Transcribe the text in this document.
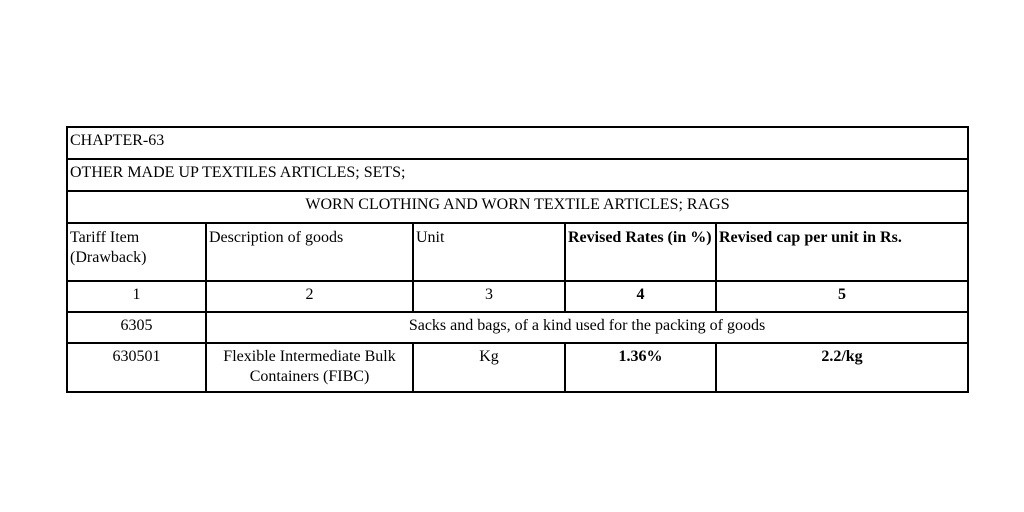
CHAPTER-63				
OTHER MADE UP TEXTILES ARTICLES; SETS;				
WORN CLOTHING AND WORN TEXTILE ARTICLES; RAGS				
Tariff Item (Drawback)	Description of goods	Unit	Revised Rates (in %)	Revised cap per unit in Rs.
1	2	3	4	5
6305	Sacks and bags, of a kind used for the packing of goods			
630501	Flexible Intermediate Bulk Containers (FIBC)	Kg	1.36%	2.2/kg
